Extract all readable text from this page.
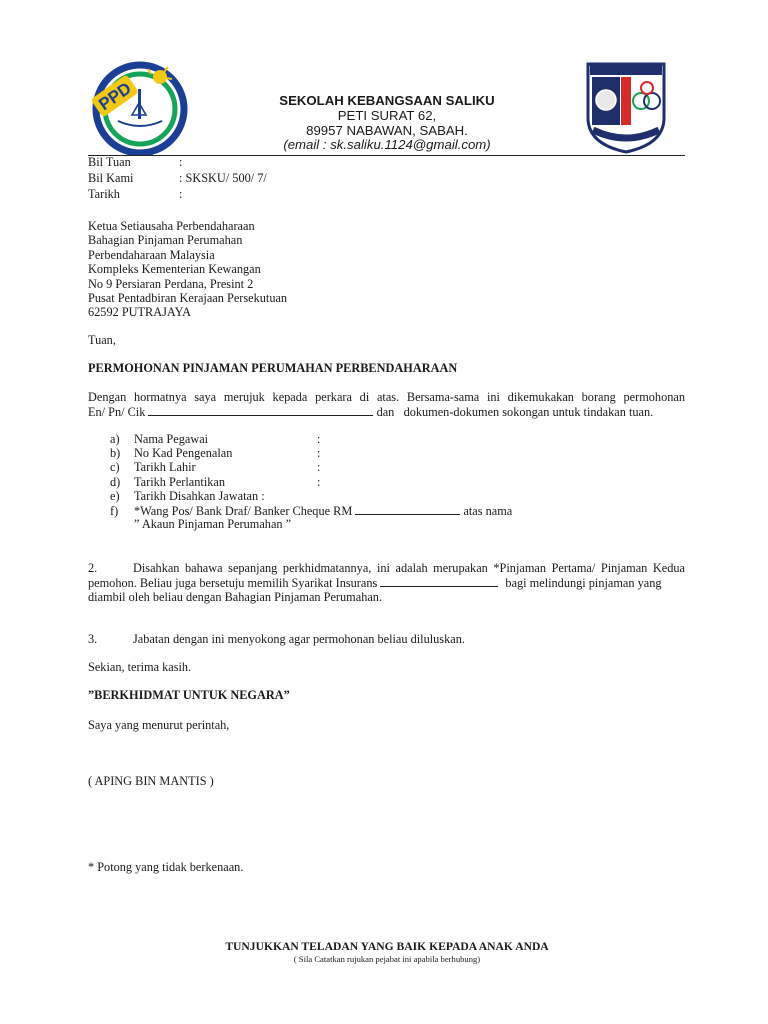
PPD	SEKOLAH KEBANGSAAN SALIKU
PETI SURAT 62,
89957 NABAWAN, SABAH.
(email : sk.saliku.1124@gmail.com)
Bil Tuan	:
Bil Kami	: SKSKU/ 500/ 7/
Tarikh	:
Ketua Setiausaha Perbendaharaan
Bahagian Pinjaman Perumahan
Perbendaharaan Malaysia
Kompleks Kementerian Kewangan
No 9 Persiaran Perdana, Presint 2
Pusat Pentadbiran Kerajaan Persekutuan
62592 PUTRAJAYA
Tuan,
PERMOHONAN PINJAMAN PERUMAHAN PERBENDAHARAAN
Dengan hormatnya saya merujuk kepada perkara di atas. Bersama-sama ini dikemukakan borang permohonan
En/ Pn/ Cik	dan dokumen-dokumen sokongan untuk tindakan tuan.
a) Nama Pegawai	:
b) No Kad Pengenalan	:
c) Tarikh Lahir	:
d) Tarikh Perlantikan	:
e) Tarikh Disahkan Jawatan :
f) *Wang Pos/ Bank Draf/ Banker Cheque RM	atas nama
” Akaun Pinjaman Perumahan ”
2.	Disahkan bahawa sepanjang perkhidmatannya, ini adalah merupakan *Pinjaman Pertama/ Pinjaman Kedua
pemohon. Beliau juga bersetuju memilih Syarikat Insurans	bagi melindungi pinjaman yang
diambil oleh beliau dengan Bahagian Pinjaman Perumahan.
3.	Jabatan dengan ini menyokong agar permohonan beliau diluluskan.
Sekian, terima kasih.
”BERKHIDMAT UNTUK NEGARA”
Saya yang menurut perintah,
( APING BIN MANTIS )
* Potong yang tidak berkenaan.
TUNJUKKAN TELADAN YANG BAIK KEPADA ANAK ANDA
( Sila Catatkan rujukan pejabat ini apabila berhubung)
